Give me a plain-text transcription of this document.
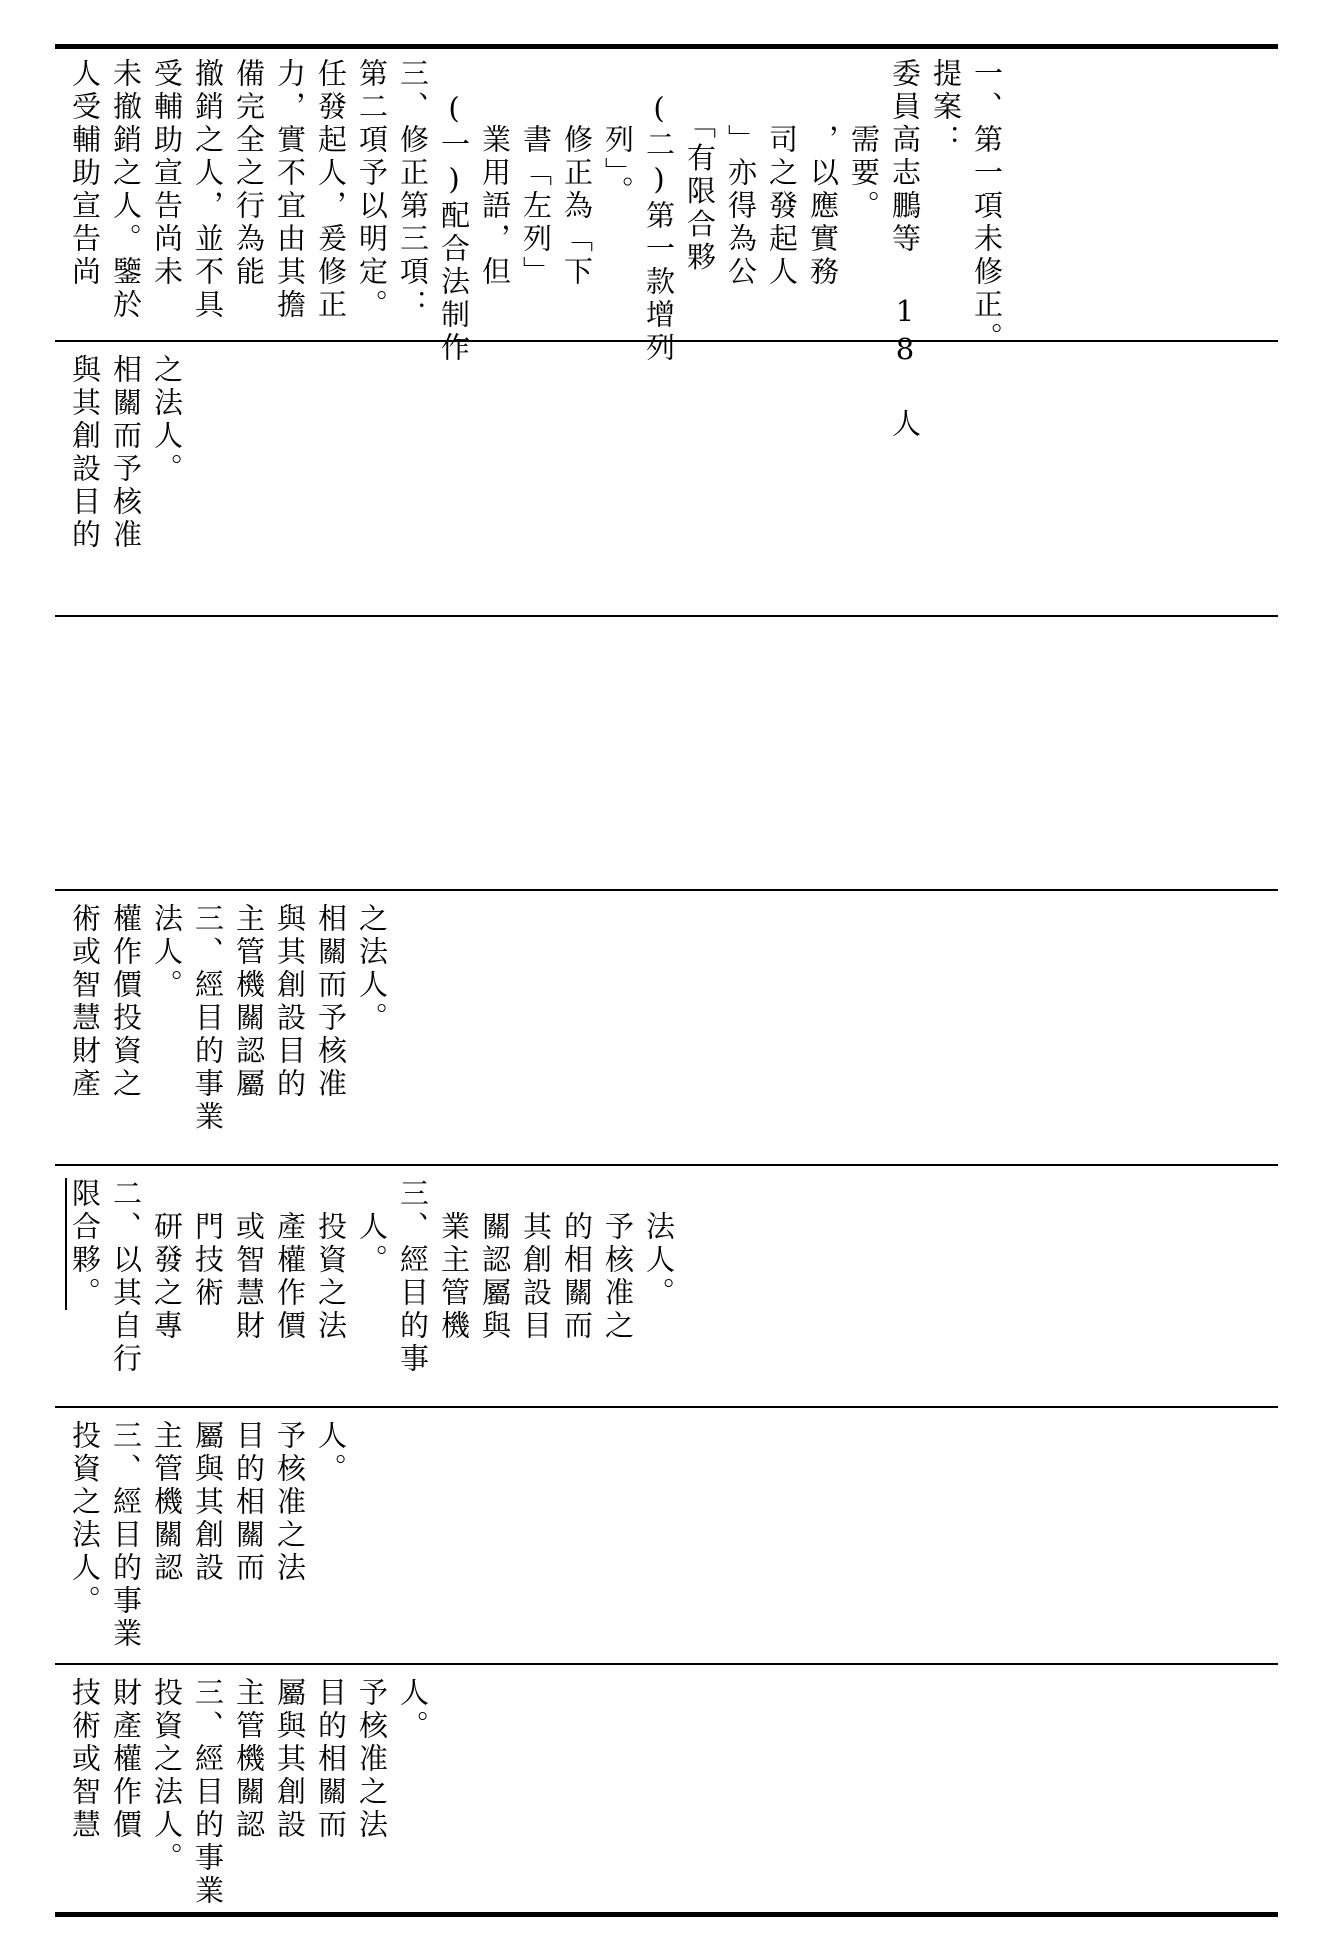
人受輔助宣告尚 未撤銷之人。鑒於 受輔助宣告尚未 撤銷之人，並不具 備完全之行為能 力，實不宜由其擔 任發起人，爰修正 第二項予以明定。 三、修正第三項： 　(一)配合法制作 　　業用語，但 　　書「左列」 　　修正為「下 　　列」。 　(二)第一款增列 　　「有限合夥 　　」亦得為公 　　司之發起人 　　，以應實務 　　需要。 委員高志鵬等 18 人 提案： 一、第一項未修正。
與其創設目的 相關而予核准 之法人。
術或智慧財產 權作價投資之 法人。 三、經目的事業 主管機關認屬 與其創設目的 相關而予核准 之法人。
限合夥。 二、以其自行 　研發之專 　門技術 　或智慧財 　產權作價 　投資之法 　人。 三、經目的事 　業主管機 　關認屬與 　其創設目 　的相關而 　予核准之 　法人。
投資之法人。 三、經目的事業 主管機關認 屬與其創設 目的相關而 予核准之法 人。
技術或智慧 財產權作價 投資之法人。 三、經目的事業 主管機關認 屬與其創設 目的相關而 予核准之法 人。
